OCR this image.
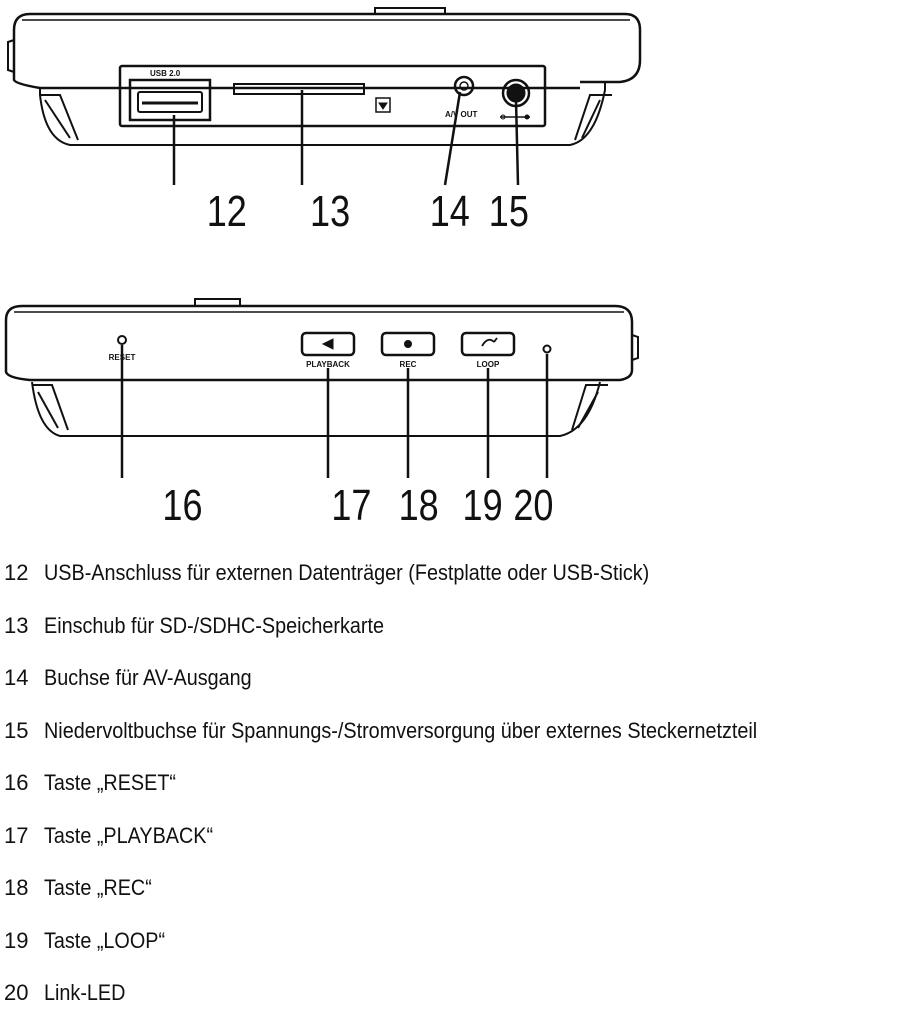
USB 2.0
A/V OUT
12 13 14 15
RESET
PLAYBACK	REC	LOOP
16	17 18 19 20
12 USB-Anschluss für externen Datenträger (Festplatte oder USB-Stick)
13 Einschub für SD-/SDHC-Speicherkarte
14 Buchse für AV-Ausgang
15 Niedervoltbuchse für Spannungs-/Stromversorgung über externes Steckernetzteil
16 Taste „RESET“
17 Taste „PLAYBACK“
18 Taste „REC“
19 Taste „LOOP“
20 Link-LED
